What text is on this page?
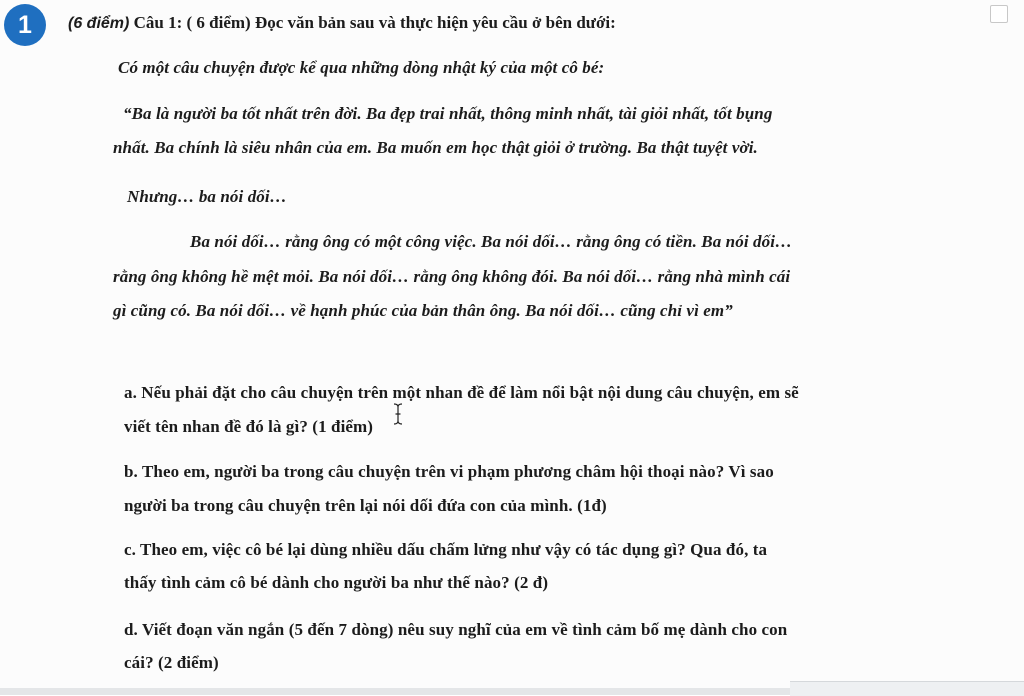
1	(6 điểm) Câu 1: ( 6 điểm) Đọc văn bản sau và thực hiện yêu cầu ở bên dưới:
Có một câu chuyện được kể qua những dòng nhật ký của một cô bé:
“Ba là người ba tốt nhất trên đời. Ba đẹp trai nhất, thông minh nhất, tài giỏi nhất, tốt bụng
nhất. Ba chính là siêu nhân của em. Ba muốn em học thật giỏi ở trường. Ba thật tuyệt vời.
Nhưng… ba nói dối…
Ba nói dối… rằng ông có một công việc. Ba nói dối… rằng ông có tiền. Ba nói dối…
rằng ông không hề mệt mỏi. Ba nói dối… rằng ông không đói. Ba nói dối… rằng nhà mình cái
gì cũng có. Ba nói dối… về hạnh phúc của bản thân ông. Ba nói dối… cũng chỉ vì em”
a. Nếu phải đặt cho câu chuyện trên một nhan đề để làm nổi bật nội dung câu chuyện, em sẽ
viết tên nhan đề đó là gì? (1 điểm)
b. Theo em, người ba trong câu chuyện trên vi phạm phương châm hội thoại nào? Vì sao
người ba trong câu chuyện trên lại nói dối đứa con của mình. (1đ)
c. Theo em, việc cô bé lại dùng nhiều dấu chấm lửng như vậy có tác dụng gì? Qua đó, ta
thấy tình cảm cô bé dành cho người ba như thế nào? (2 đ)
d. Viết đoạn văn ngắn (5 đến 7 dòng) nêu suy nghĩ của em về tình cảm bố mẹ dành cho con
cái? (2 điểm)
